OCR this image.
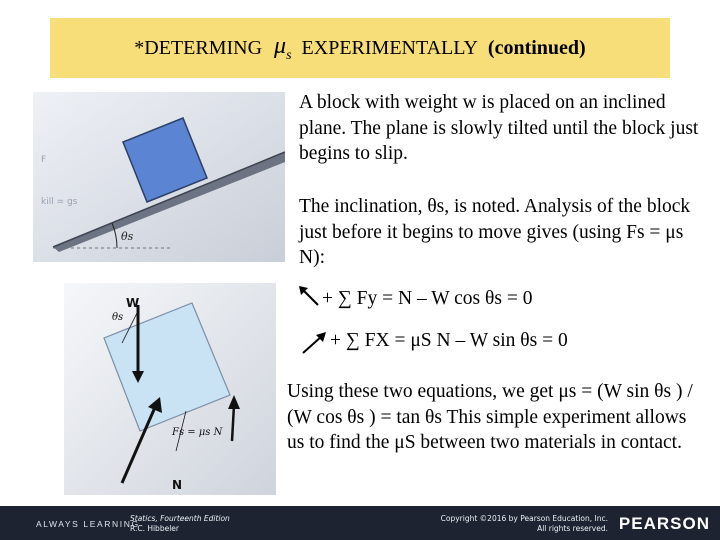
*DETERMING $\mu_s$ EXPERIMENTALLY (continued)
F
kill = gs
θs
W
θs
Fs = μs N
N
A block with weight w is placed on an inclined plane. The plane is slowly tilted until the block just begins to slip.
The inclination, θs, is noted. Analysis of the block just before it begins to move gives (using Fs = μs N):
+ ∑ Fy = N – W cos θs = 0
+ ∑ FX = μS N – W sin θs = 0
Using these two equations, we get μs = (W sin θs ) / (W cos θs ) = tan θs This simple experiment allows us to find the μS between two materials in contact.
ALWAYS LEARNING
Statics, Fourteenth Edition
R.C. Hibbeler
Copyright ©2016 by Pearson Education, Inc.
All rights reserved. PEARSON
